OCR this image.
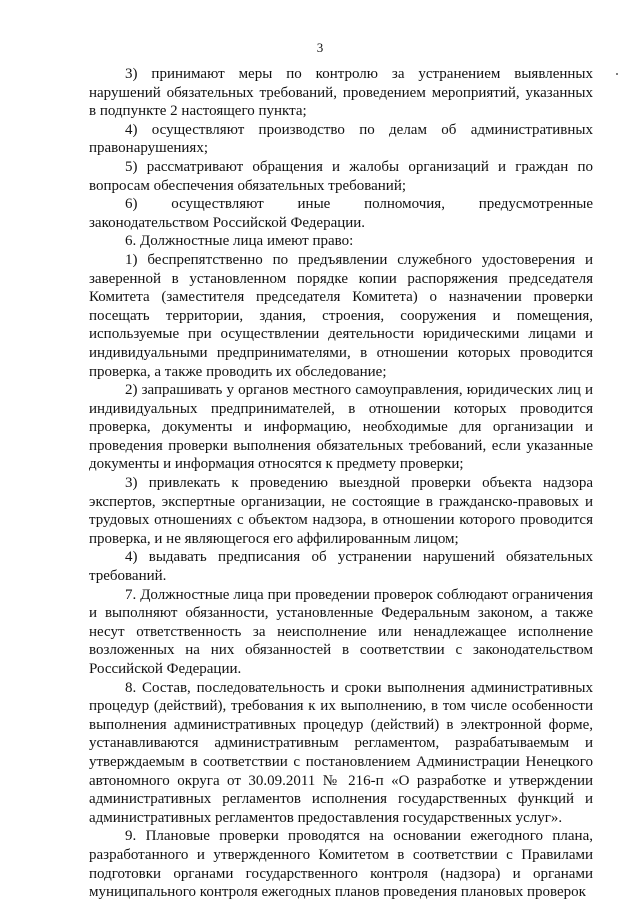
3

3) принимают меры по контролю за устранением выявленных нарушений обязательных требований, проведением мероприятий, указанных в подпункте 2 настоящего пункта;

4) осуществляют производство по делам об административных правонарушениях;

5) рассматривают обращения и жалобы организаций и граждан по вопросам обеспечения обязательных требований;

6) осуществляют иные полномочия, предусмотренные законодательством Российской Федерации.

6. Должностные лица имеют право:

1) беспрепятственно по предъявлении служебного удостоверения и заверенной в установленном порядке копии распоряжения председателя Комитета (заместителя председателя Комитета) о назначении проверки посещать территории, здания, строения, сооружения и помещения, используемые при осуществлении деятельности юридическими лицами и индивидуальными предпринимателями, в отношении которых проводится проверка, а также проводить их обследование;

2) запрашивать у органов местного самоуправления, юридических лиц и индивидуальных предпринимателей, в отношении которых проводится проверка, документы и информацию, необходимые для организации и проведения проверки выполнения обязательных требований, если указанные документы и информация относятся к предмету проверки;

3) привлекать к проведению выездной проверки объекта надзора экспертов, экспертные организации, не состоящие в гражданско-правовых и трудовых отношениях с объектом надзора, в отношении которого проводится проверка, и не являющегося его аффилированным лицом;

4) выдавать предписания об устранении нарушений обязательных требований.

7. Должностные лица при проведении проверок соблюдают ограничения и выполняют обязанности, установленные Федеральным законом, а также несут ответственность за неисполнение или ненадлежащее исполнение возложенных на них обязанностей в соответствии с законодательством Российской Федерации.

8. Состав, последовательность и сроки выполнения административных процедур (действий), требования к их выполнению, в том числе особенности выполнения административных процедур (действий) в электронной форме, устанавливаются административным регламентом, разрабатываемым и утверждаемым в соответствии с постановлением Администрации Ненецкого автономного округа от 30.09.2011 № 216-п «О разработке и утверждении административных регламентов исполнения государственных функций и административных регламентов предоставления государственных услуг».

9. Плановые проверки проводятся на основании ежегодного плана, разработанного и утвержденного Комитетом в соответствии с Правилами подготовки органами государственного контроля (надзора) и органами муниципального контроля ежегодных планов проведения плановых проверок
